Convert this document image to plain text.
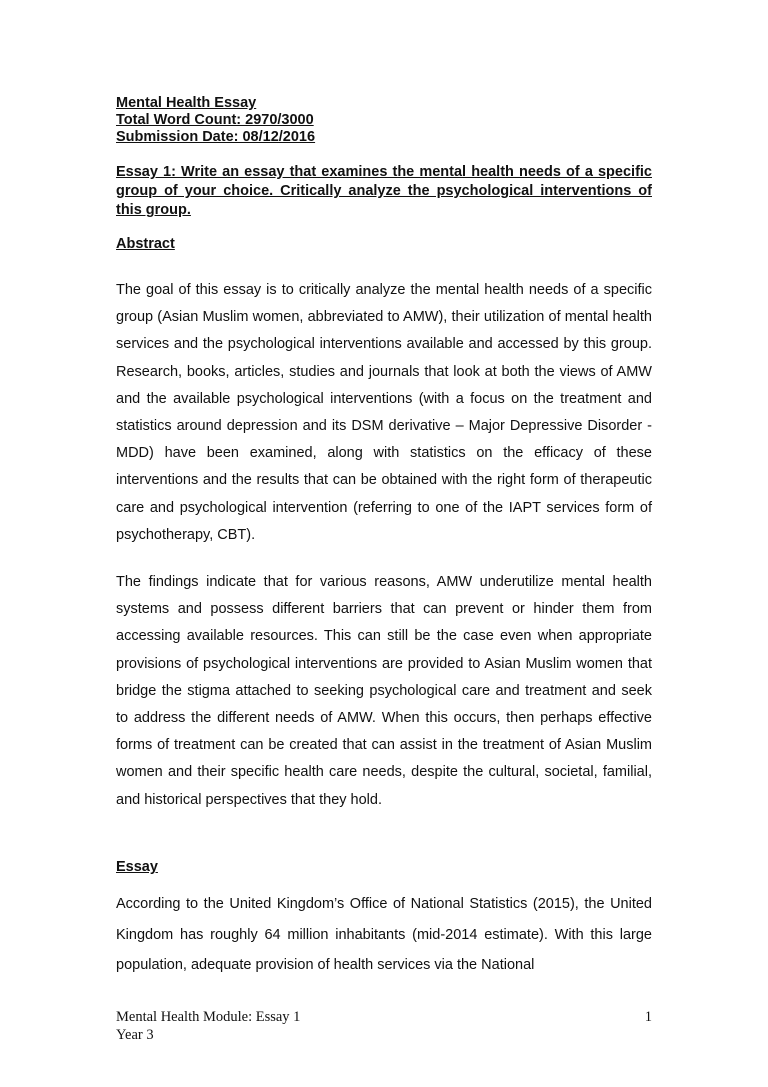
Mental Health Essay
Total Word Count: 2970/3000
Submission Date: 08/12/2016
Essay 1: Write an essay that examines the mental health needs of a specific group of your choice. Critically analyze the psychological interventions of this group.
Abstract
The goal of this essay is to critically analyze the mental health needs of a specific group (Asian Muslim women, abbreviated to AMW), their utilization of mental health services and the psychological interventions available and accessed by this group. Research, books, articles, studies and journals that look at both the views of AMW and the available psychological interventions (with a focus on the treatment and statistics around depression and its DSM derivative – Major Depressive Disorder - MDD) have been examined, along with statistics on the efficacy of these interventions and the results that can be obtained with the right form of therapeutic care and psychological intervention (referring to one of the IAPT services form of psychotherapy, CBT).
The findings indicate that for various reasons, AMW underutilize mental health systems and possess different barriers that can prevent or hinder them from accessing available resources. This can still be the case even when appropriate provisions of psychological interventions are provided to Asian Muslim women that bridge the stigma attached to seeking psychological care and treatment and seek to address the different needs of AMW. When this occurs, then perhaps effective forms of treatment can be created that can assist in the treatment of Asian Muslim women and their specific health care needs, despite the cultural, societal, familial, and historical perspectives that they hold.
Essay
According to the United Kingdom’s Office of National Statistics (2015), the United Kingdom has roughly 64 million inhabitants (mid-2014 estimate). With this large population, adequate provision of health services via the National
Mental Health Module: Essay 1
Year 3
1
